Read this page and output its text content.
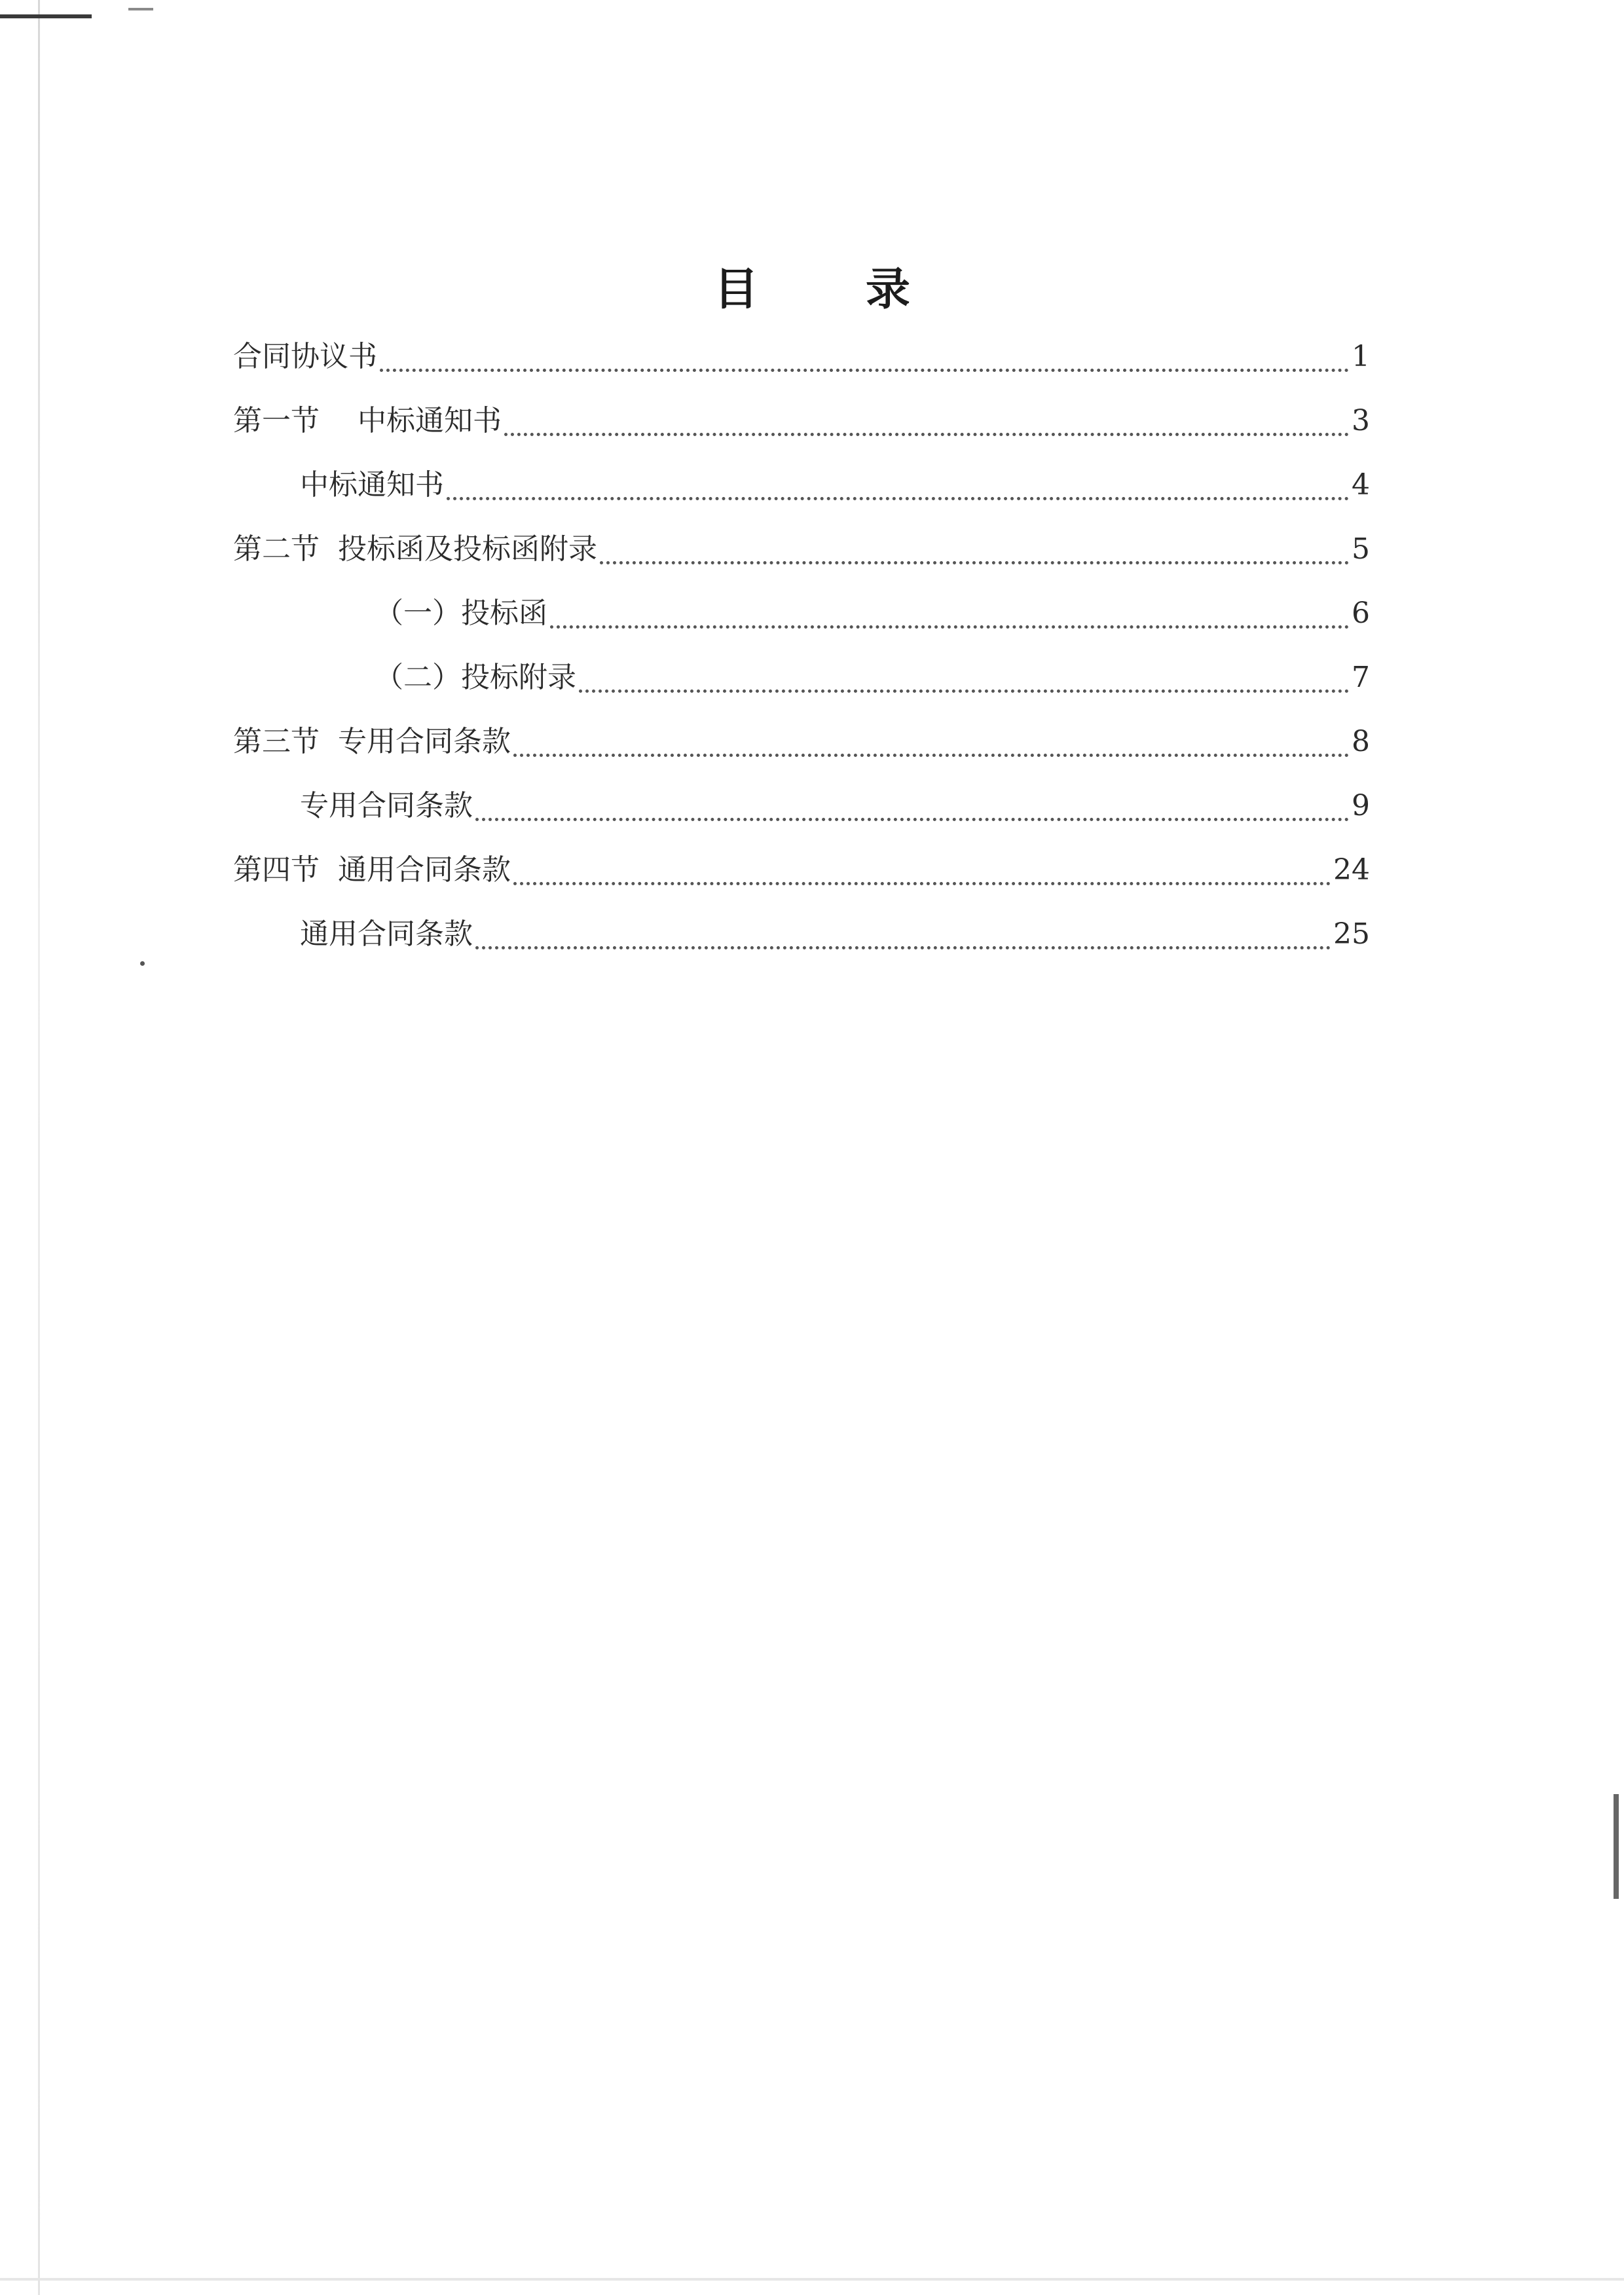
目 录
合同协议书	1
第一节　 中标通知书	3
中标通知书	4
第二节  投标函及投标函附录	5
（一）投标函	6
（二）投标附录	7
第三节  专用合同条款	8
专用合同条款	9
第四节  通用合同条款	24
通用合同条款	25
